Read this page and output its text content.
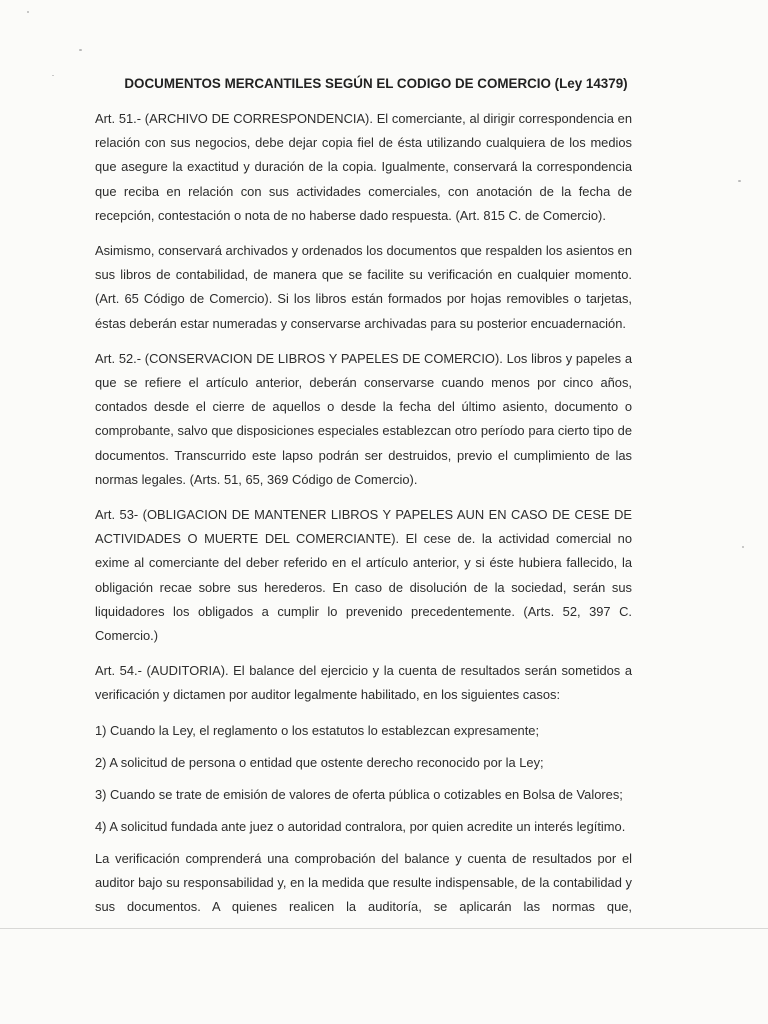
DOCUMENTOS MERCANTILES SEGÚN EL CODIGO DE COMERCIO (Ley 14379)

Art. 51.- (ARCHIVO DE CORRESPONDENCIA). El comerciante, al dirigir correspondencia en relación con sus negocios, debe dejar copia fiel de ésta utilizando cualquiera de los medios que asegure la exactitud y duración de la copia. Igualmente, conservará la correspondencia que reciba en relación con sus actividades comerciales, con anotación de la fecha de recepción, contestación o nota de no haberse dado respuesta. (Art. 815 C. de Comercio).

Asimismo, conservará archivados y ordenados los documentos que respalden los asientos en sus libros de contabilidad, de manera que se facilite su verificación en cualquier momento. (Art. 65 Código de Comercio). Si los libros están formados por hojas removibles o tarjetas, éstas deberán estar numeradas y conservarse archivadas para su posterior encuadernación.

Art. 52.- (CONSERVACION DE LIBROS Y PAPELES DE COMERCIO). Los libros y papeles a que se refiere el artículo anterior, deberán conservarse cuando menos por cinco años, contados desde el cierre de aquellos o desde la fecha del último asiento, documento o comprobante, salvo que disposiciones especiales establezcan otro período para cierto tipo de documentos. Transcurrido este lapso podrán ser destruidos, previo el cumplimiento de las normas legales. (Arts. 51, 65, 369 Código de Comercio).

Art. 53- (OBLIGACION DE MANTENER LIBROS Y PAPELES AUN EN CASO DE CESE DE ACTIVIDADES O MUERTE DEL COMERCIANTE). El cese de. la actividad comercial no exime al comerciante del deber referido en el artículo anterior, y si éste hubiera fallecido, la obligación recae sobre sus herederos. En caso de disolución de la sociedad, serán sus liquidadores los obligados a cumplir lo prevenido precedentemente. (Arts. 52, 397 C. Comercio.)

Art. 54.- (AUDITORIA). El balance del ejercicio y la cuenta de resultados serán sometidos a verificación y dictamen por auditor legalmente habilitado, en los siguientes casos:

1) Cuando la Ley, el reglamento o los estatutos lo establezcan expresamente;

2) A solicitud de persona o entidad que ostente derecho reconocido por la Ley;

3) Cuando se trate de emisión de valores de oferta pública o cotizables en Bolsa de Valores;

4) A solicitud fundada ante juez o autoridad contralora, por quien acredite un interés legítimo.

La verificación comprenderá una comprobación del balance y cuenta de resultados por el auditor bajo su responsabilidad y, en la medida que resulte indispensable, de la contabilidad y sus documentos. A quienes realicen la auditoría, se aplicarán las normas que,
